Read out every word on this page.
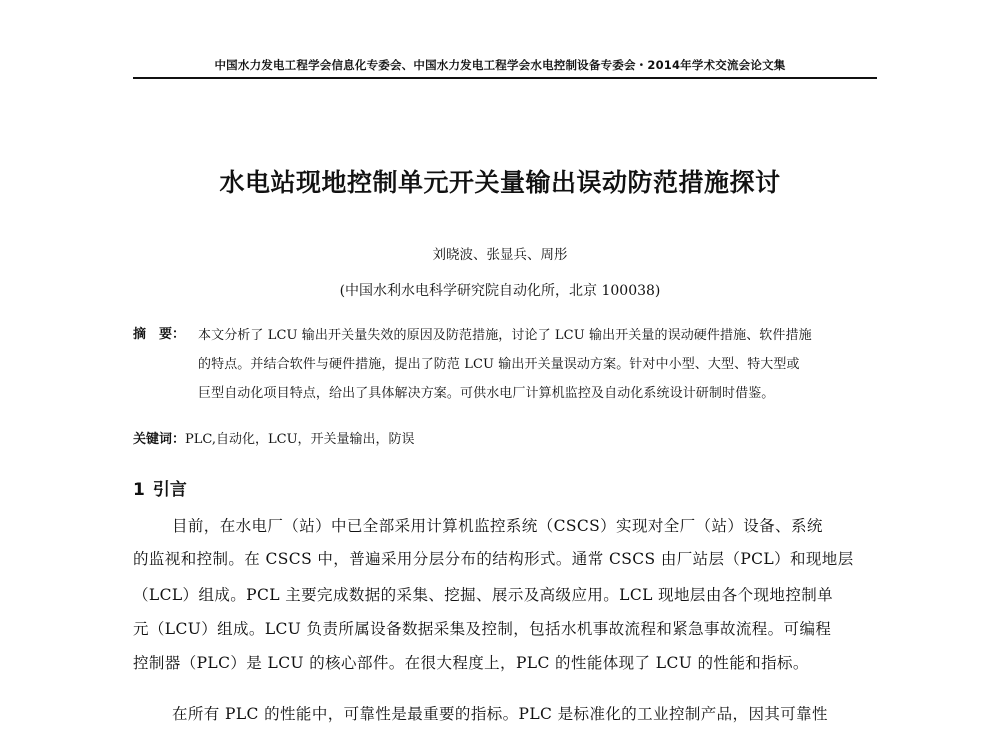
中国水力发电工程学会信息化专委会、中国水力发电工程学会水电控制设备专委会・2014年学术交流会论文集
水电站现地控制单元开关量输出误动防范措施探讨
刘晓波、张显兵、周彤
(中国水利水电科学研究院自动化所，北京 100038)
摘　要： 本文分析了 LCU 输出开关量失效的原因及防范措施，讨论了 LCU 输出开关量的误动硬件措施、软件措施
的特点。并结合软件与硬件措施，提出了防范 LCU 输出开关量误动方案。针对中小型、大型、特大型或
巨型自动化项目特点，给出了具体解决方案。可供水电厂计算机监控及自动化系统设计研制时借鉴。
关键词：PLC,自动化，LCU，开关量输出，防误
1 引言
目前，在水电厂（站）中已全部采用计算机监控系统（CSCS）实现对全厂（站）设备、系统
的监视和控制。在 CSCS 中，普遍采用分层分布的结构形式。通常 CSCS 由厂站层（PCL）和现地层
（LCL）组成。PCL 主要完成数据的采集、挖掘、展示及高级应用。LCL 现地层由各个现地控制单
元（LCU）组成。LCU 负责所属设备数据采集及控制，包括水机事故流程和紧急事故流程。可编程
控制器（PLC）是 LCU 的核心部件。在很大程度上，PLC 的性能体现了 LCU 的性能和指标。
在所有 PLC 的性能中，可靠性是最重要的指标。PLC 是标准化的工业控制产品，因其可靠性
